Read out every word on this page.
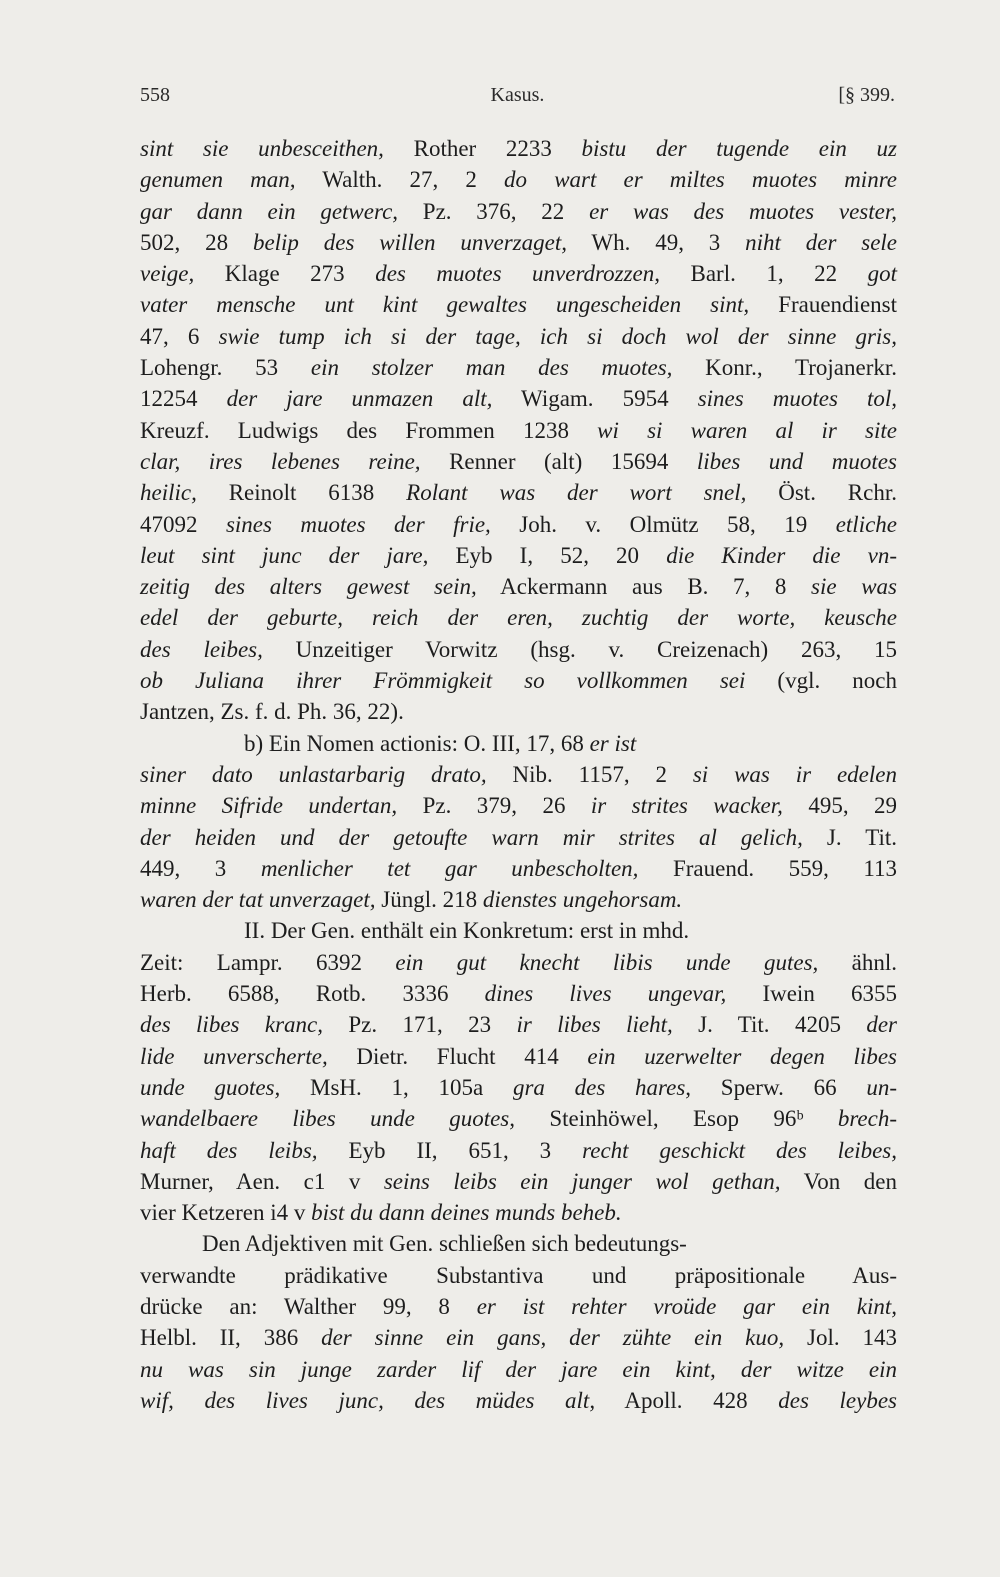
558	Kasus.	[§ 399.
sint sie unbesceithen, Rother 2233 bistu der tugende ein uz
genumen man, Walth. 27, 2 do wart er miltes muotes minre
gar dann ein getwerc, Pz. 376, 22 er was des muotes vester,
502, 28 belip des willen unverzaget, Wh. 49, 3 niht der sele
veige, Klage 273 des muotes unverdrozzen, Barl. 1, 22 got
vater mensche unt kint gewaltes ungescheiden sint, Frauendienst
47, 6 swie tump ich si der tage, ich si doch wol der sinne gris,
Lohengr. 53 ein stolzer man des muotes, Konr., Trojanerkr.
12254 der jare unmazen alt, Wigam. 5954 sines muotes tol,
Kreuzf. Ludwigs des Frommen 1238 wi si waren al ir site
clar, ires lebenes reine, Renner (alt) 15694 libes und muotes
heilic, Reinolt 6138 Rolant was der wort snel, Öst. Rchr.
47092 sines muotes der frie, Joh. v. Olmütz 58, 19 etliche
leut sint junc der jare, Eyb I, 52, 20 die Kinder die vn-
zeitig des alters gewest sein, Ackermann aus B. 7, 8 sie was
edel der geburte, reich der eren, zuchtig der worte, keusche
des leibes, Unzeitiger Vorwitz (hsg. v. Creizenach) 263, 15
ob Juliana ihrer Frömmigkeit so vollkommen sei (vgl. noch
Jantzen, Zs. f. d. Ph. 36, 22).
b) Ein Nomen actionis: O. III, 17, 68 er ist
siner dato unlastarbarig drato, Nib. 1157, 2 si was ir edelen
minne Sifride undertan, Pz. 379, 26 ir strites wacker, 495, 29
der heiden und der getoufte warn mir strites al gelich, J. Tit.
449, 3 menlicher tet gar unbescholten, Frauend. 559, 113
waren der tat unverzaget, Jüngl. 218 dienstes ungehorsam.
II. Der Gen. enthält ein Konkretum: erst in mhd.
Zeit: Lampr. 6392 ein gut knecht libis unde gutes, ähnl.
Herb. 6588, Rotb. 3336 dines lives ungevar, Iwein 6355
des libes kranc, Pz. 171, 23 ir libes lieht, J. Tit. 4205 der
lide unverscherte, Dietr. Flucht 414 ein uzerwelter degen libes
unde guotes, MsH. 1, 105a gra des hares, Sperw. 66 un-
wandelbaere libes unde guotes, Steinhöwel, Esop 96ᵇ brech-
haft des leibs, Eyb II, 651, 3 recht geschickt des leibes,
Murner, Aen. c1 v seins leibs ein junger wol gethan, Von den
vier Ketzeren i4 v bist du dann deines munds beheb.
Den Adjektiven mit Gen. schließen sich bedeutungs-
verwandte prädikative Substantiva und präpositionale Aus-
drücke an: Walther 99, 8 er ist rehter vroüde gar ein kint,
Helbl. II, 386 der sinne ein gans, der zühte ein kuo, Jol. 143
nu was sin junge zarder lif der jare ein kint, der witze ein
wif, des lives junc, des müdes alt, Apoll. 428 des leybes
